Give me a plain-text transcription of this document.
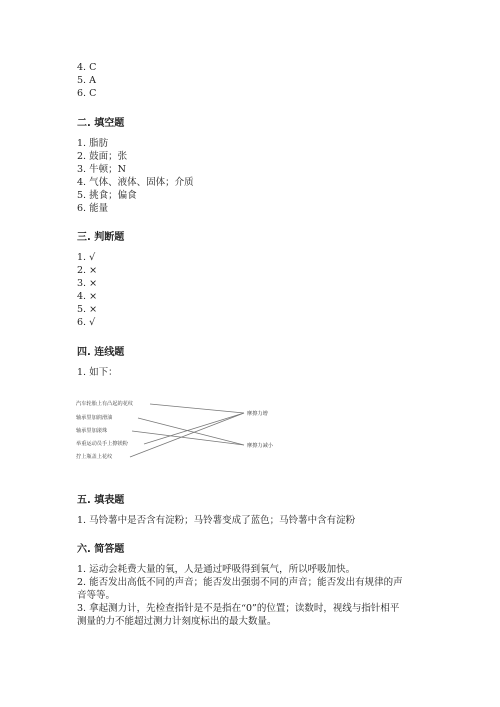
4. C
5. A
6. C
二. 填空题
1. 脂肪
2. 鼓面；张
3. 牛顿；N
4. 气体、液体、固体；介质
5. 挑食；偏食
6. 能量
三. 判断题
1. √
2. ×
3. ×
4. ×
5. ×
6. √
四. 连线题
1. 如下：
汽车轮胎上有凸起的花纹
轴承里加润滑油
轴承里加滚珠
举重运动员手上擦镁粉
拧上瓶盖上花纹
摩擦力增
摩擦力减小
五. 填表题
1. 马铃薯中是否含有淀粉；马铃薯变成了蓝色；马铃薯中含有淀粉
六. 简答题
1. 运动会耗费大量的氧，人是通过呼吸得到氧气，所以呼吸加快。
2. 能否发出高低不同的声音；能否发出强弱不同的声音；能否发出有规律的声
音等等。
3. 拿起测力计，先检查指针是不是指在“0”的位置；读数时，视线与指针相平
测量的力不能超过测力计刻度标出的最大数量。
